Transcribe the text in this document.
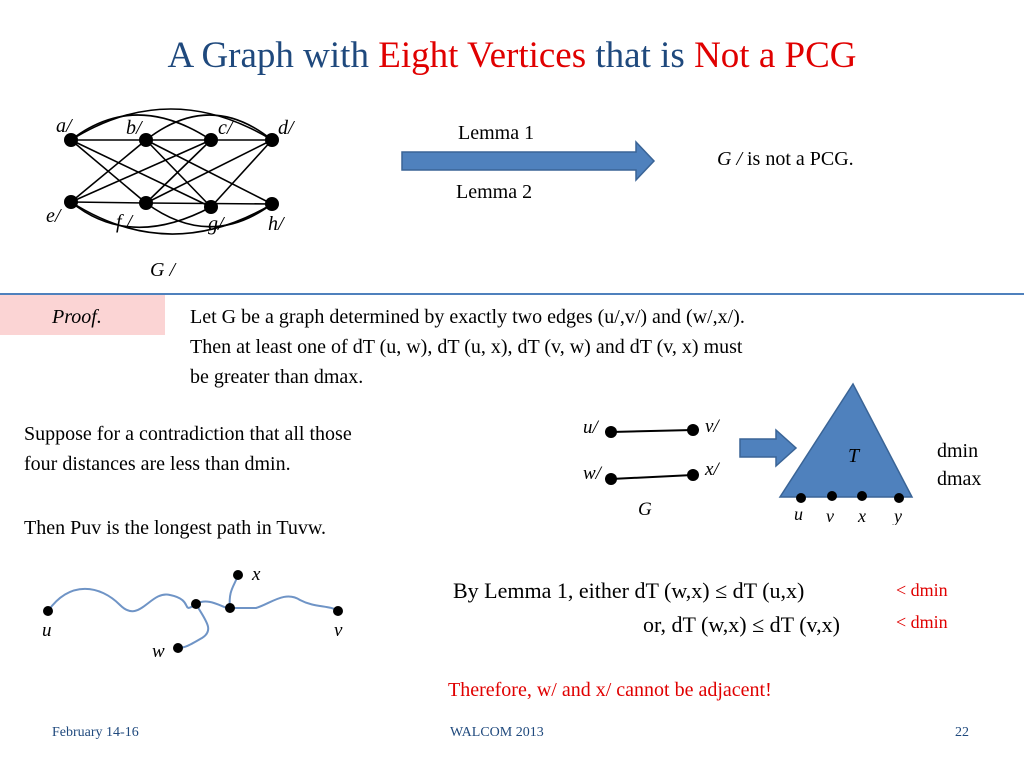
A Graph with Eight Vertices that is Not a PCG
a/	b/	c/ d/
e/	f /	g/ h/
G /
Lemma 1
Lemma 2
G / is not a PCG.
Proof.	Let G be a graph determined by exactly two edges (u/,v/) and (w/,x/).
Then at least one of dT (u, w), dT (u, x), dT (v, w) and dT (v, x) must
be greater than dmax.
Suppose for a contradiction that all those
four distances are less than dmin.
Then Puv is the longest path in Tuvw.
u/	v/
w/	x/
G
T
u v x y
dmin
dmax
x
u	v
w
By Lemma 1, either dT (w,x) ≤ dT (u,x)	< dmin
or, dT (w,x) ≤ dT (v,x)	< dmin
Therefore, w/ and x/ cannot be adjacent!
February 14-16	WALCOM 2013	22
